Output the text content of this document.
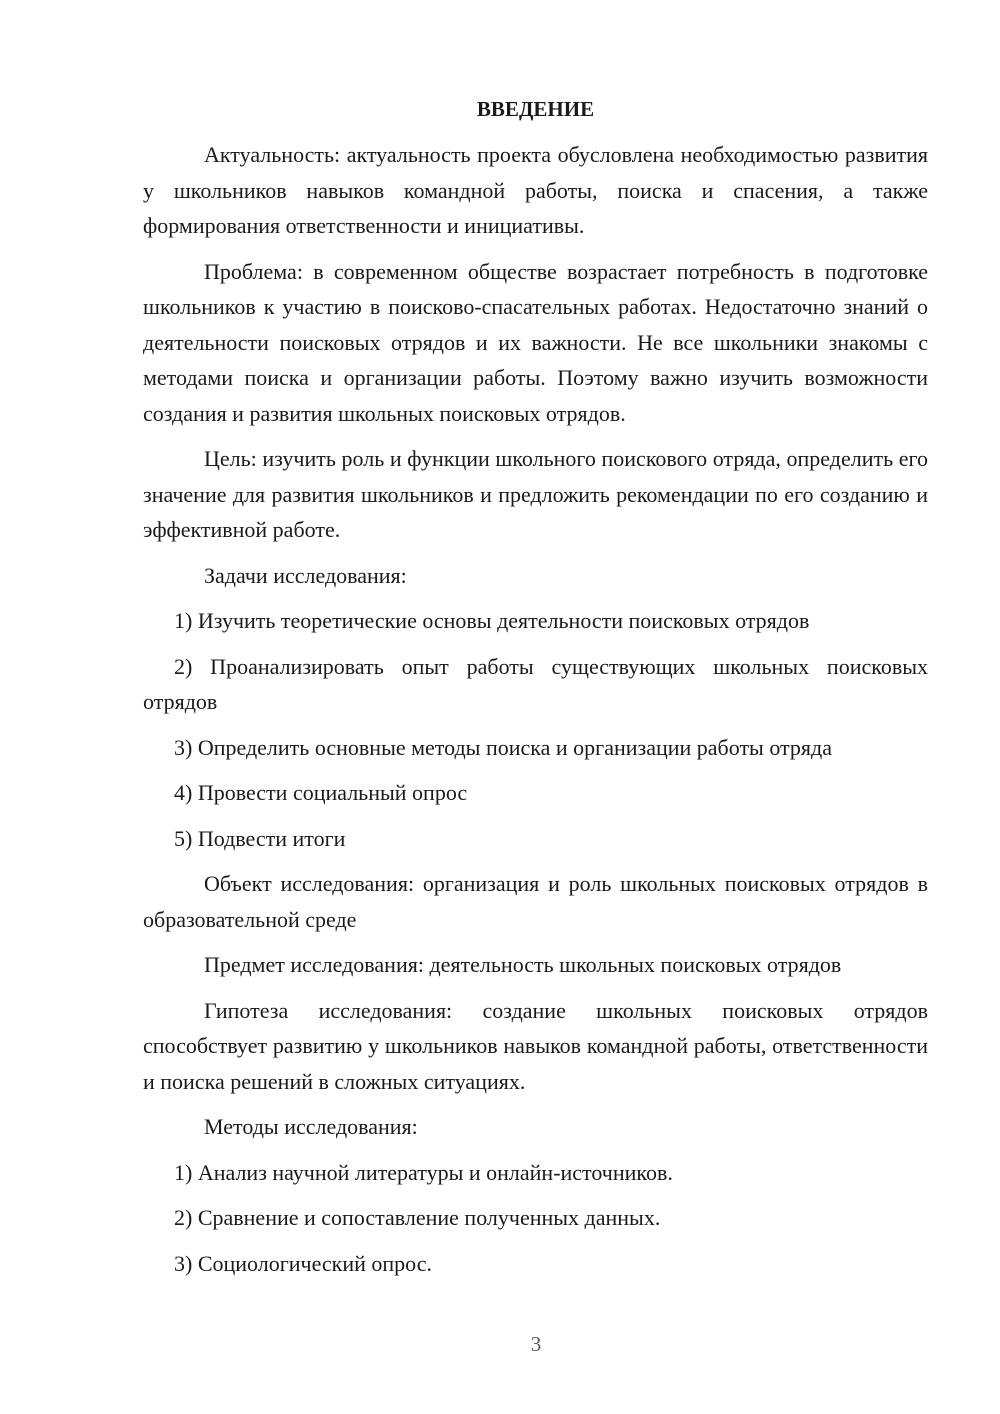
ВВЕДЕНИЕ

Актуальность: актуальность проекта обусловлена необходимостью развития у школьников навыков командной работы, поиска и спасения, а также формирования ответственности и инициативы.

Проблема: в современном обществе возрастает потребность в подготовке школьников к участию в поисково-спасательных работах. Недостаточно знаний о деятельности поисковых отрядов и их важности. Не все школьники знакомы с методами поиска и организации работы. Поэтому важно изучить возможности создания и развития школьных поисковых отрядов.

Цель: изучить роль и функции школьного поискового отряда, определить его значение для развития школьников и предложить рекомендации по его созданию и эффективной работе.

Задачи исследования:

1) Изучить теоретические основы деятельности поисковых отрядов

2) Проанализировать опыт работы существующих школьных поисковых отрядов

3) Определить основные методы поиска и организации работы отряда

4) Провести социальный опрос

5) Подвести итоги

Объект исследования: организация и роль школьных поисковых отрядов в образовательной среде

Предмет исследования: деятельность школьных поисковых отрядов

Гипотеза исследования: создание школьных поисковых отрядов способствует развитию у школьников навыков командной работы, ответственности и поиска решений в сложных ситуациях.

Методы исследования:

1) Анализ научной литературы и онлайн-источников.

2) Сравнение и сопоставление полученных данных.

3) Социологический опрос.

3
